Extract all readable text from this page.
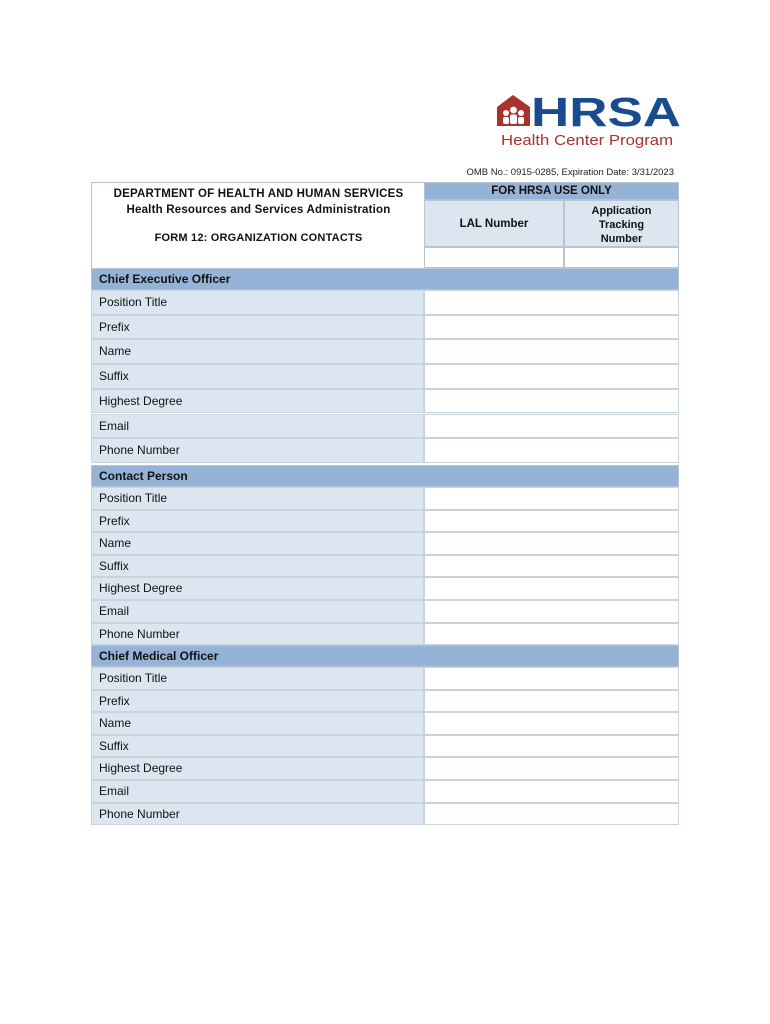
HRSA
Health Center Program
OMB No.: 0915-0285, Expiration Date: 3/31/2023
DEPARTMENT OF HEALTH AND HUMAN SERVICES
Health Resources and Services Administration
FORM 12: ORGANIZATION CONTACTS
FOR HRSA USE ONLY
LAL Number
Application
Tracking
Number
Chief Executive Officer
Position Title
Prefix
Name
Suffix
Highest Degree
Email
Phone Number
Contact Person
Position Title
Prefix
Name
Suffix
Highest Degree
Email
Phone Number
Chief Medical Officer
Position Title
Prefix
Name
Suffix
Highest Degree
Email
Phone Number
